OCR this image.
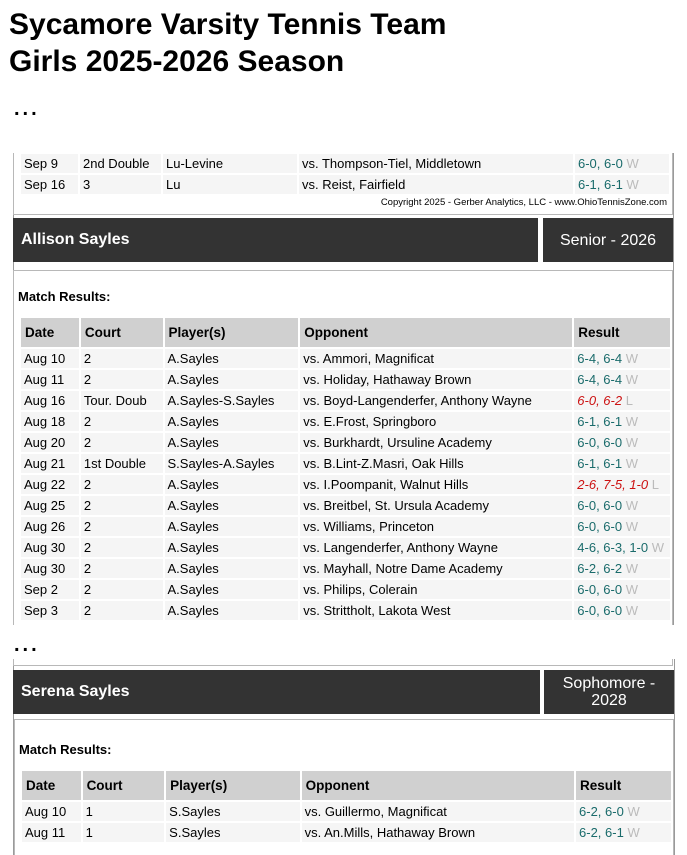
Sycamore Varsity Tennis Team
Girls 2025-2026 Season
...
Sep 9	2nd Double	Lu-Levine	vs. Thompson-Tiel, Middletown	6-0, 6-0 W
Sep 16	3	Lu	vs. Reist, Fairfield	6-1, 6-1 W
Copyright 2025 - Gerber Analytics, LLC - www.OhioTennisZone.com
Allison Sayles	Senior - 2026
Match Results:
Date	Court	Player(s)	Opponent	Result
Aug 10	2	A.Sayles	vs. Ammori, Magnificat	6-4, 6-4 W
Aug 11	2	A.Sayles	vs. Holiday, Hathaway Brown	6-4, 6-4 W
Aug 16	Tour. Doub	A.Sayles-S.Sayles	vs. Boyd-Langenderfer, Anthony Wayne	6-0, 6-2 L
Aug 18	2	A.Sayles	vs. E.Frost, Springboro	6-1, 6-1 W
Aug 20	2	A.Sayles	vs. Burkhardt, Ursuline Academy	6-0, 6-0 W
Aug 21	1st Double	S.Sayles-A.Sayles	vs. B.Lint-Z.Masri, Oak Hills	6-1, 6-1 W
Aug 22	2	A.Sayles	vs. I.Poompanit, Walnut Hills	2-6, 7-5, 1-0 L
Aug 25	2	A.Sayles	vs. Breitbel, St. Ursula Academy	6-0, 6-0 W
Aug 26	2	A.Sayles	vs. Williams, Princeton	6-0, 6-0 W
Aug 30	2	A.Sayles	vs. Langenderfer, Anthony Wayne	4-6, 6-3, 1-0 W
Aug 30	2	A.Sayles	vs. Mayhall, Notre Dame Academy	6-2, 6-2 W
Sep 2	2	A.Sayles	vs. Philips, Colerain	6-0, 6-0 W
Sep 3	2	A.Sayles	vs. Strittholt, Lakota West	6-0, 6-0 W
...
Serena Sayles	Sophomore - 2028
Match Results:
Date	Court	Player(s)	Opponent	Result
Aug 10	1	S.Sayles	vs. Guillermo, Magnificat	6-2, 6-0 W
Aug 11	1	S.Sayles	vs. An.Mills, Hathaway Brown	6-2, 6-1 W
